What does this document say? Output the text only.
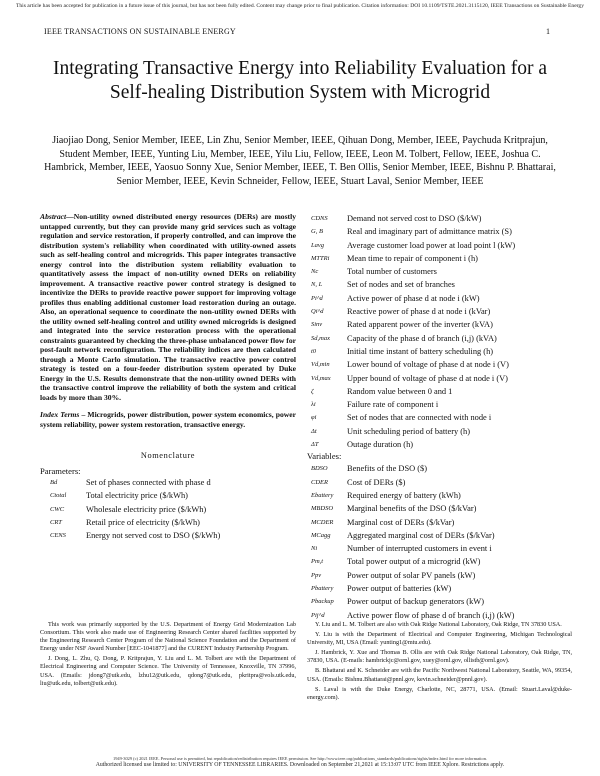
This article has been accepted for publication in a future issue of this journal, but has not been fully edited. Content may change prior to final publication. Citation information: DOI 10.1109/TSTE.2021.3115120, IEEE Transactions on Sustainable Energy
IEEE TRANSACTIONS ON SUSTAINABLE ENERGY	1
Integrating Transactive Energy into Reliability Evaluation for a Self-healing Distribution System with Microgrid
Jiaojiao Dong, Senior Member, IEEE, Lin Zhu, Senior Member, IEEE, Qihuan Dong, Member, IEEE, Paychuda Kritprajun, Student Member, IEEE, Yunting Liu, Member, IEEE, Yilu Liu, Fellow, IEEE, Leon M. Tolbert, Fellow, IEEE, Joshua C. Hambrick, Member, IEEE, Yaosuo Sonny Xue, Senior Member, IEEE, T. Ben Ollis, Senior Member, IEEE, Bishnu P. Bhattarai, Senior Member, IEEE, Kevin Schneider, Fellow, IEEE, Stuart Laval, Senior Member, IEEE
Abstract—Non-utility owned distributed energy resources (DERs) are mostly untapped currently, but they can provide many grid services such as voltage regulation and service restoration, if properly controlled, and can improve the distribution system's reliability when coordinated with utility-owned assets such as self-healing control and microgrids. This paper integrates transactive energy control into the distribution system reliability evaluation to quantitatively assess the impact of non-utility owned DERs on reliability improvement. A transactive reactive power control strategy is designed to incentivize the DERs to provide reactive power support for improving voltage profiles thus enabling additional customer load restoration during an outage. Also, an operational sequence to coordinate the non-utility owned DERs with the utility owned self-healing control and utility owned microgrids is designed and integrated into the service restoration process with the operational constraints guaranteed by checking the three-phase unbalanced power flow for post-fault network reconfiguration. The reliability indices are then calculated through a Monte Carlo simulation. The transactive reactive power control strategy is tested on a four-feeder distribution system operated by Duke Energy in the U.S. Results demonstrate that the non-utility owned DERs with the transactive control improve the reliability of both the system and critical loads by more than 30%.
Index Terms – Microgrids, power distribution, power system economics, power system reliability, power system restoration, transactive energy.
Nomenclature
Parameters:
Bd	Set of phases connected with phase d
Ctotal	Total electricity price ($/kWh)
CWC	Wholesale electricity price ($/kWh)
CRT	Retail price of electricity ($/kWh)
CENS	Energy not served cost to DSO ($/kWh)
CDNS	Demand not served cost to DSO ($/kW)
G, B	Real and imaginary part of admittance matrix (S)
Lavg	Average customer load power at load point l (kW)
MTTRi	Mean time to repair of component i (h)
Nc	Total number of customers
N, L	Set of nodes and set of branches
Pi^d	Active power of phase d at node i (kW)
Qi^d	Reactive power of phase d at node i (kVar)
Sinv	Rated apparent power of the inverter (kVA)
Sd,max	Capacity of the phase d of branch (i,j) (kVA)
t0	Initial time instant of battery scheduling (h)
Vd,min	Lower bound of voltage of phase d at node i (V)
Vd,max	Upper bound of voltage of phase d at node i (V)
ζ	Random value between 0 and 1
λi	Failure rate of component i
φi	Set of nodes that are connected with node i
Δt	Unit scheduling period of battery (h)
ΔT	Outage duration (h)
Variables:
BDSO	Benefits of the DSO ($)
CDER	Cost of DERs ($)
Ebattery	Required energy of battery (kWh)
MBDSO	Marginal benefits of the DSO ($/kVar)
MCDER	Marginal cost of DERs ($/kVar)
MCagg	Aggregated marginal cost of DERs ($/kVar)
Ni	Number of interrupted customers in event i
Pm,t	Total power output of a microgrid (kW)
Ppv	Power output of solar PV panels (kW)
Pbattery	Power output of batteries (kW)
Pbackup	Power output of backup generators (kW)
Pij^d	Active power flow of phase d of branch (i,j) (kW)

This work was primarily supported by the U.S. Department of Energy Grid Modernization Lab Consortium. This work also made use of Engineering Research Center shared facilities supported by the Engineering Research Center Program of the National Science Foundation and the Department of Energy under NSF Award Number [EEC-1041877] and the CURENT Industry Partnership Program.

J. Dong, L. Zhu, Q. Dong, P. Kritprajun, Y. Liu and L. M. Tolbert are with the Department of Electrical Engineering and Computer Science. The University of Tennessee, Knoxville, TN 37996, USA. (Emails: jdong7@utk.edu, lzhu12@utk.edu, qdong7@utk.edu, pkritpra@vols.utk.edu, liu@utk.edu, tolbert@utk.edu).

Y. Liu and L. M. Tolbert are also with Oak Ridge National Laboratory, Oak Ridge, TN 37830 USA.

Y. Liu is with the Department of Electrical and Computer Engineering, Michigan Technological University, MI, USA (Email: yunting1@mtu.edu).

J. Hambrick, Y. Xue and Thomas B. Ollis are with Oak Ridge National Laboratory, Oak Ridge, TN, 37830, USA. (E-mails: hambrickjc@ornl.gov, xuey@ornl.gov, ollistb@ornl.gov).

B. Bhattarai and K. Schneider are with the Pacific Northwest National Laboratory, Seattle, WA, 99354, USA. (Emails: Bishnu.Bhattarai@pnnl.gov, kevin.schneider@pnnl.gov).

S. Laval is with the Duke Energy, Charlotte, NC, 28771, USA. (Email: Stuart.Laval@duke-energy.com).

1949-3029 (c) 2021 IEEE. Personal use is permitted, but republication/redistribution requires IEEE permission. See http://www.ieee.org/publications_standards/publications/rights/index.html for more information.
Authorized licensed use limited to: UNIVERSITY OF TENNESSEE LIBRARIES. Downloaded on September 21,2021 at 15:13:07 UTC from IEEE Xplore. Restrictions apply.
